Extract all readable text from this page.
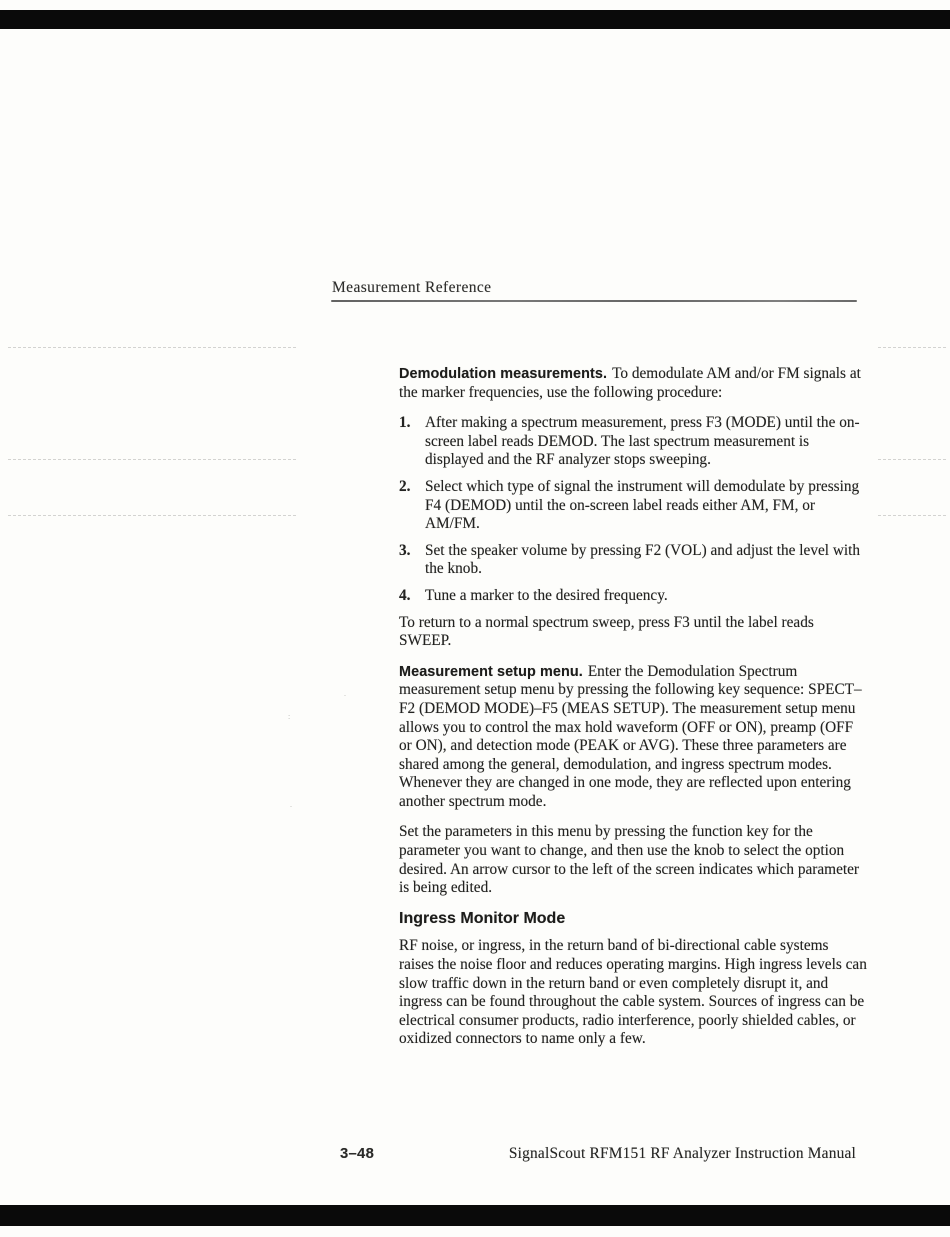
:
.
.
Measurement Reference

Demodulation measurements. To demodulate AM and/or FM signals at the marker frequencies, use the following procedure:

1. After making a spectrum measurement, press F3 (MODE) until the on-screen label reads DEMOD. The last spectrum measurement is displayed and the RF analyzer stops sweeping.
2. Select which type of signal the instrument will demodulate by pressing F4 (DEMOD) until the on-screen label reads either AM, FM, or AM/FM.
3. Set the speaker volume by pressing F2 (VOL) and adjust the level with the knob.
4. Tune a marker to the desired frequency.

To return to a normal spectrum sweep, press F3 until the label reads SWEEP.

Measurement setup menu. Enter the Demodulation Spectrum measurement setup menu by pressing the following key sequence: SPECT–F2 (DEMOD MODE)–F5 (MEAS SETUP). The measurement setup menu allows you to control the max hold waveform (OFF or ON), preamp (OFF or ON), and detection mode (PEAK or AVG). These three parameters are shared among the general, demodulation, and ingress spectrum modes. Whenever they are changed in one mode, they are reflected upon entering another spectrum mode.

Set the parameters in this menu by pressing the function key for the parameter you want to change, and then use the knob to select the option desired. An arrow cursor to the left of the screen indicates which parameter is being edited.

Ingress Monitor Mode

RF noise, or ingress, in the return band of bi-directional cable systems raises the noise floor and reduces operating margins. High ingress levels can slow traffic down in the return band or even completely disrupt it, and ingress can be found throughout the cable system. Sources of ingress can be electrical consumer products, radio interference, poorly shielded cables, or oxidized connectors to name only a few.

3–48	SignalScout RFM151 RF Analyzer Instruction Manual
